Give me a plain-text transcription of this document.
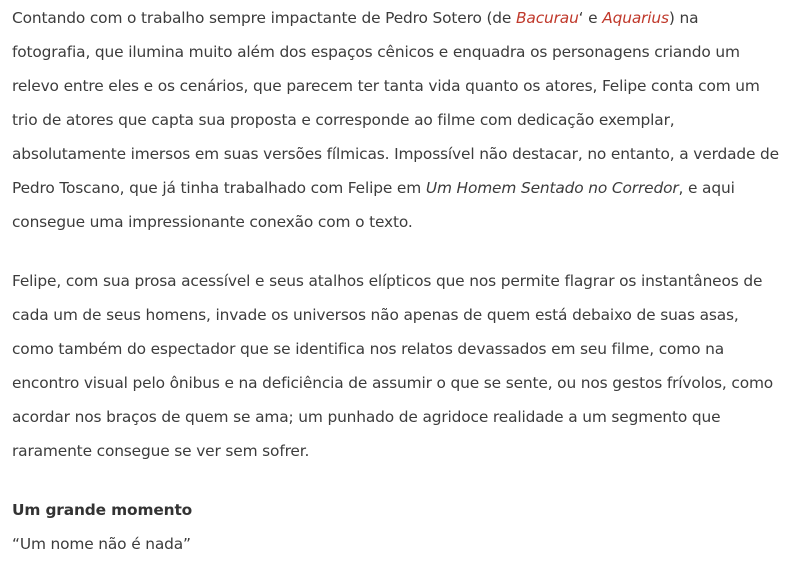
Contando com o trabalho sempre impactante de Pedro Sotero (de Bacurau‘ e Aquarius) na fotografia, que ilumina muito além dos espaços cênicos e enquadra os personagens criando um relevo entre eles e os cenários, que parecem ter tanta vida quanto os atores, Felipe conta com um trio de atores que capta sua proposta e corresponde ao filme com dedicação exemplar, absolutamente imersos em suas versões fílmicas. Impossível não destacar, no entanto, a verdade de Pedro Toscano, que já tinha trabalhado com Felipe em Um Homem Sentado no Corredor, e aqui consegue uma impressionante conexão com o texto.

Felipe, com sua prosa acessível e seus atalhos elípticos que nos permite flagrar os instantâneos de cada um de seus homens, invade os universos não apenas de quem está debaixo de suas asas, como também do espectador que se identifica nos relatos devassados em seu filme, como na encontro visual pelo ônibus e na deficiência de assumir o que se sente, ou nos gestos frívolos, como acordar nos braços de quem se ama; um punhado de agridoce realidade a um segmento que raramente consegue se ver sem sofrer.

Um grande momento

“Um nome não é nada”
